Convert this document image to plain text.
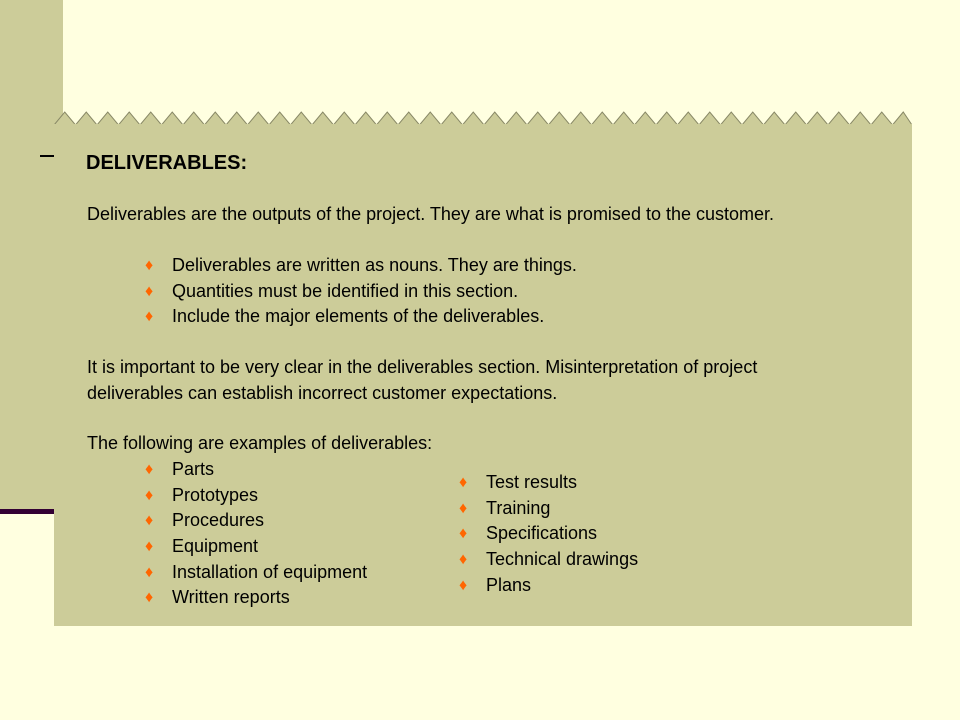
DELIVERABLES:

Deliverables are the outputs of the project. They are what is promised to the customer.

♦ Deliverables are written as nouns. They are things.
♦ Quantities must be identified in this section.
♦ Include the major elements of the deliverables.

It is important to be very clear in the deliverables section. Misinterpretation of project deliverables can establish incorrect customer expectations.

The following are examples of deliverables:

♦ Parts
♦ Prototypes
♦ Procedures
♦ Equipment
♦ Installation of equipment
♦ Written reports
♦ Test results
♦ Training
♦ Specifications
♦ Technical drawings
♦ Plans
